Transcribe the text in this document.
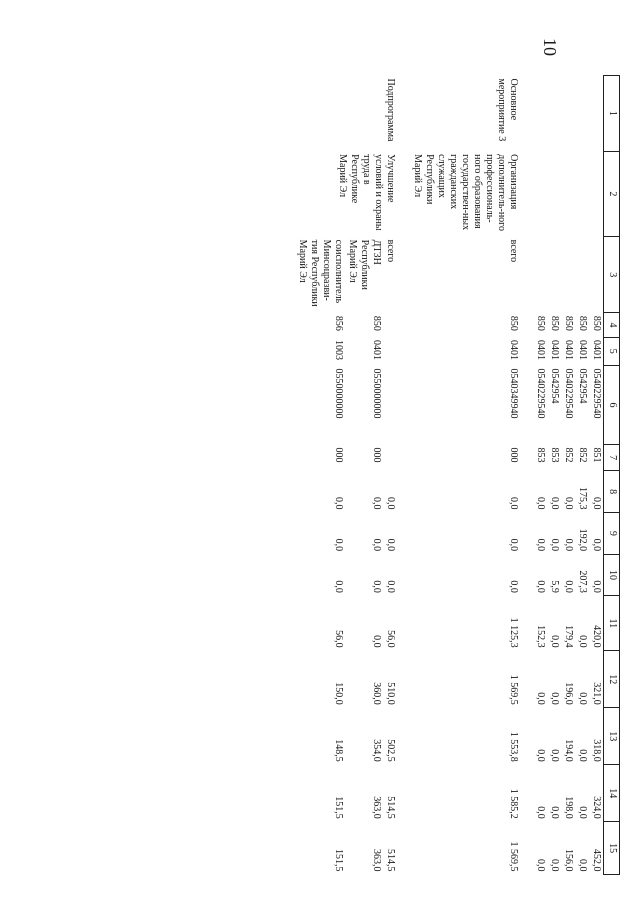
10
1	2	3	4	5	6	7	8	9	10	11	12	13	14	15
			850	0401	0540229540	851	0,0	0,0	0,0	420,0	321,0	318,0	324,0	452,0
			850	0401	0542954	852	175,3	192,0	207,3	0,0	0,0	0,0	0,0	0,0
			850	0401	0540229540	852	0,0	0,0	0,0	179,4	196,0	194,0	198,0	156,0
			850	0401	0542954	853	0,0	0,0	5,9	0,0	0,0	0,0	0,0	0,0
			850	0401	0540229540	853	0,0	0,0	0,0	152,3	0,0	0,0	0,0	0,0
Основное мероприятие 3	Организация дополнитель-ного профессиональ-ного образования государствен-ных гражданских служащих Республики Марий Эл	всего	850	0401	0540349940	000	0,0	0,0	0,0	1 125,3	1 569,5	1 553,8	1 585,2	1 569,5
Подпрограмма	Улучшение условий и охраны труда в Республике Марий Эл	всего					0,0	0,0	0,0	56,0	510,0	502,5	514,5	514,5
		ДТЗН Республики Марий Эл	850	0401	0550000000	000	0,0	0,0	0,0	0,0	360,0	354,0	363,0	363,0
		соисполнитель Минсоцразви-тия Республики Марий Эл	856	1003	0550000000	000	0,0	0,0	0,0	56,0	150,0	148,5	151,5	151,5
